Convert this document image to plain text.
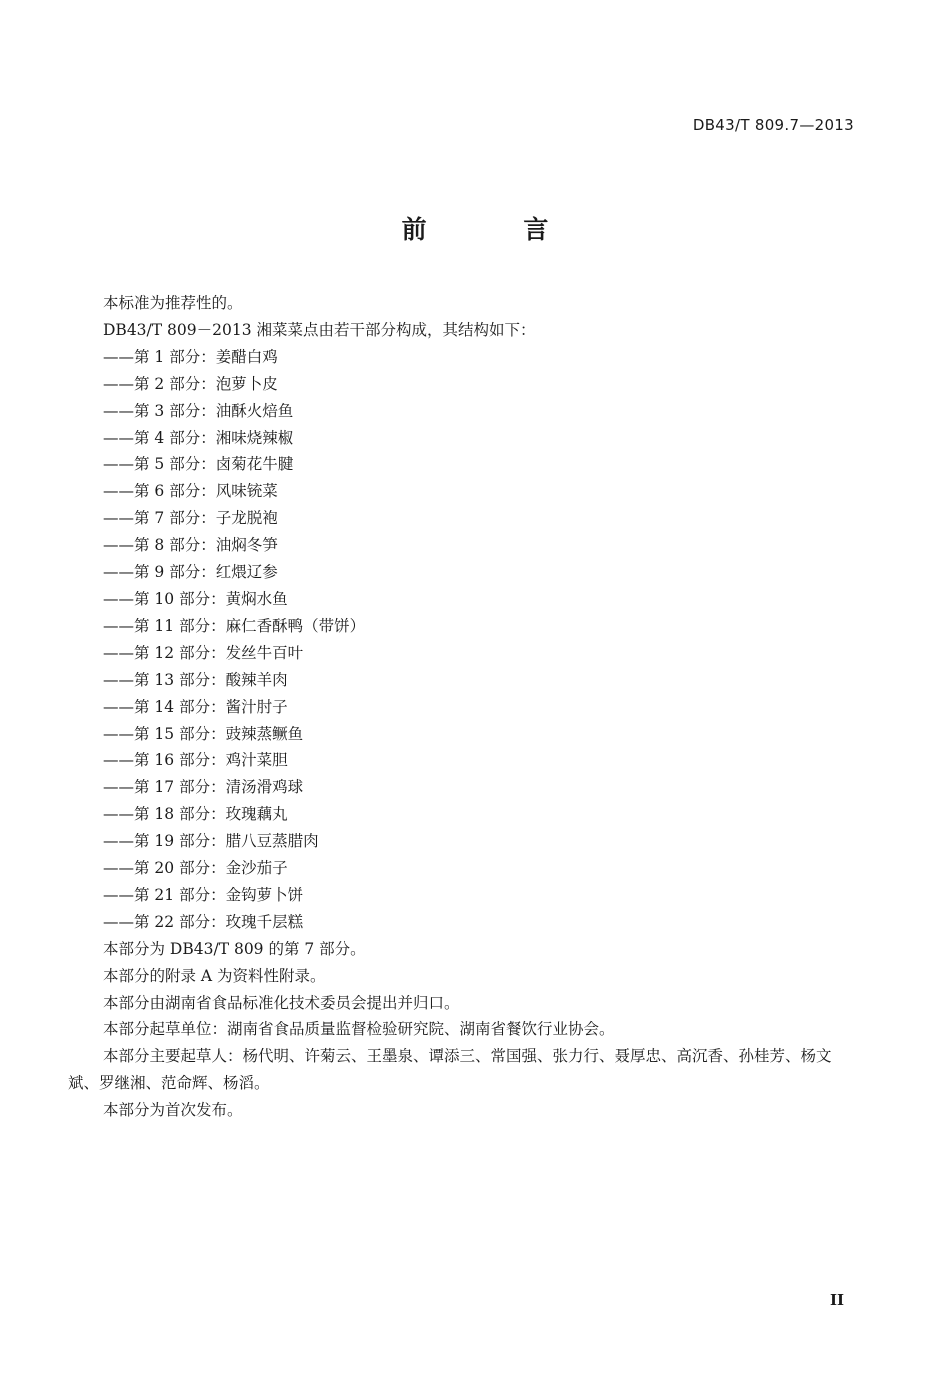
DB43/T 809.7—2013
前 言
本标准为推荐性的。
DB43/T 809－2013 湘菜菜点由若干部分构成，其结构如下：
——第 1 部分：姜醋白鸡
——第 2 部分：泡萝卜皮
——第 3 部分：油酥火焙鱼
——第 4 部分：湘味烧辣椒
——第 5 部分：卤菊花牛腱
——第 6 部分：风味铳菜
——第 7 部分：子龙脱袍
——第 8 部分：油焖冬笋
——第 9 部分：红煨辽参
——第 10 部分：黄焖水鱼
——第 11 部分：麻仁香酥鸭（带饼）
——第 12 部分：发丝牛百叶
——第 13 部分：酸辣羊肉
——第 14 部分：酱汁肘子
——第 15 部分：豉辣蒸鳜鱼
——第 16 部分：鸡汁菜胆
——第 17 部分：清汤滑鸡球
——第 18 部分：玫瑰藕丸
——第 19 部分：腊八豆蒸腊肉
——第 20 部分：金沙茄子
——第 21 部分：金钩萝卜饼
——第 22 部分：玫瑰千层糕
本部分为 DB43/T 809 的第 7 部分。
本部分的附录 A 为资料性附录。
本部分由湖南省食品标准化技术委员会提出并归口。
本部分起草单位：湖南省食品质量监督检验研究院、湖南省餐饮行业协会。
本部分主要起草人：杨代明、许菊云、王墨泉、谭添三、常国强、张力行、聂厚忠、高沉香、孙桂芳、杨文斌、罗继湘、范命辉、杨滔。
本部分为首次发布。
II
